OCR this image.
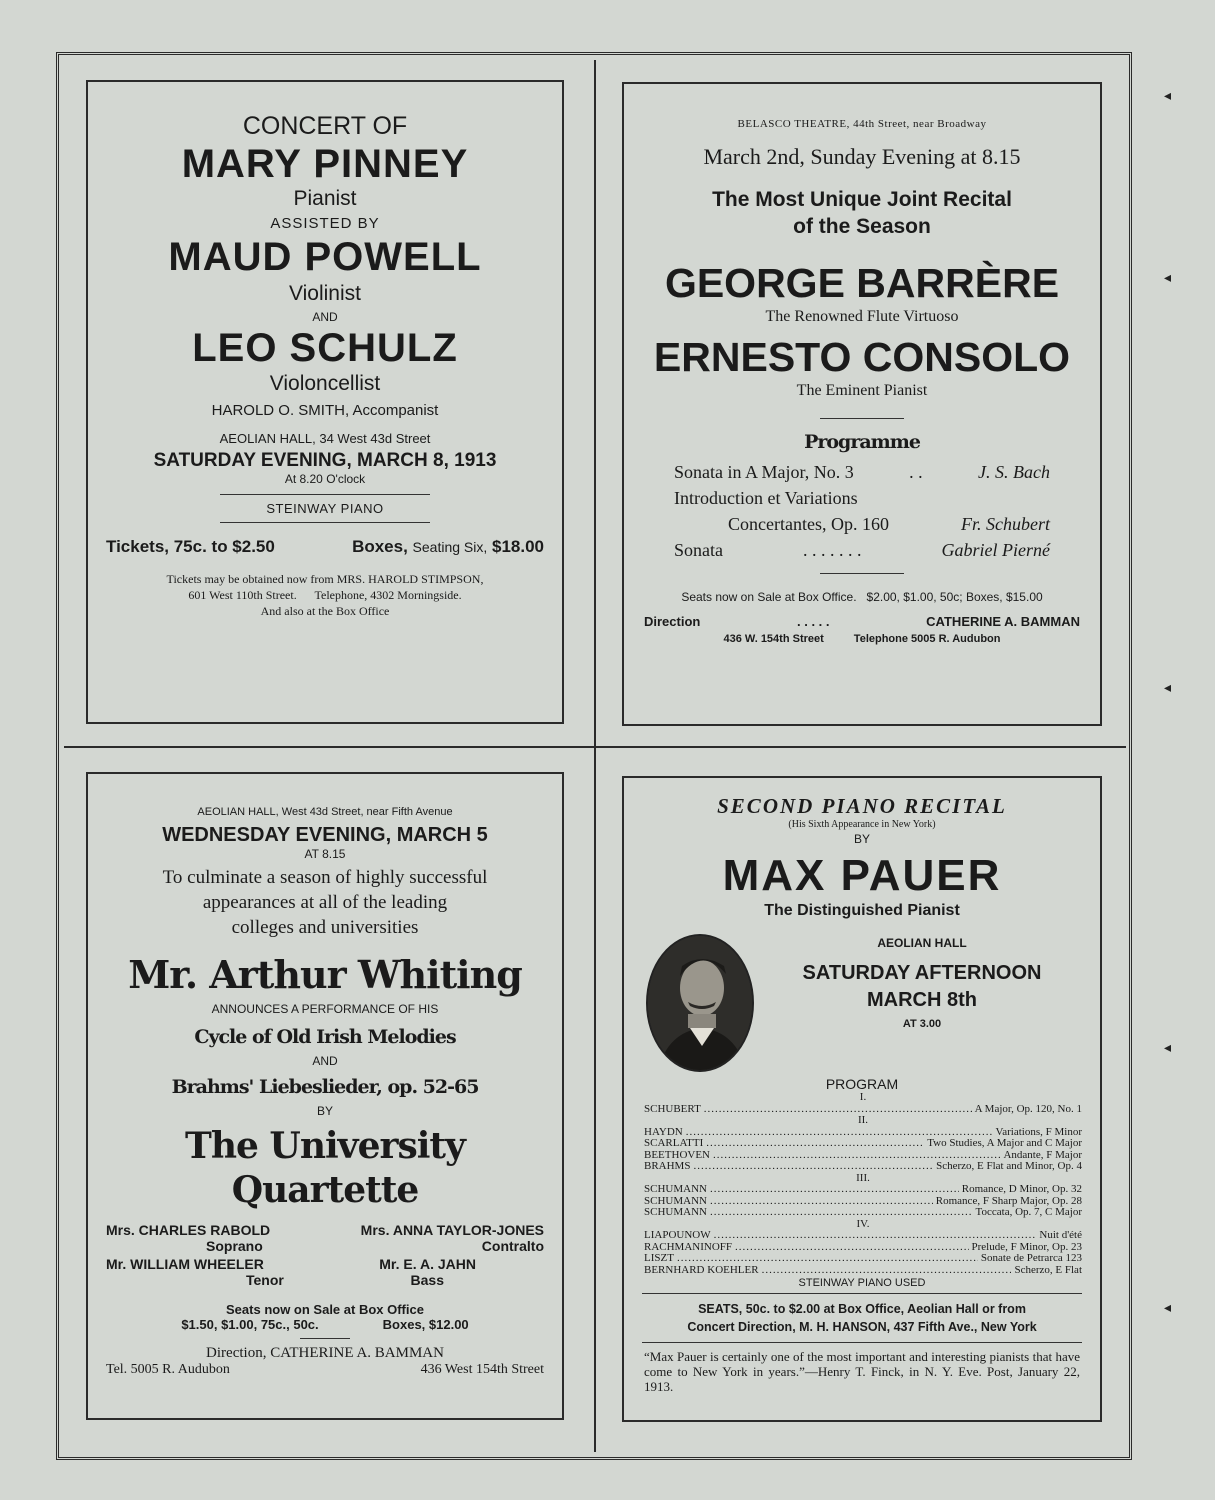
◂
◂
◂
◂
◂
CONCERT OF
MARY PINNEY
Pianist
ASSISTED BY
MAUD POWELL
Violinist
AND
LEO SCHULZ
Violoncellist
HAROLD O. SMITH, Accompanist
AEOLIAN HALL, 34 West 43d Street
SATURDAY EVENING, MARCH 8, 1913
At 8.20 O'clock
STEINWAY PIANO
Tickets, 75c. to $2.50	Boxes, Seating Six, $18.00
Tickets may be obtained now from MRS. HAROLD STIMPSON,
601 West 110th Street. Telephone, 4302 Morningside.
And also at the Box Office
BELASCO THEATRE, 44th Street, near Broadway
March 2nd, Sunday Evening at 8.15
The Most Unique Joint Recital
of the Season
GEORGE BARRÈRE
The Renowned Flute Virtuoso
ERNESTO CONSOLO
The Eminent Pianist
Programme
Sonata in A Major, No. 3	. .	J. S. Bach
Introduction et Variations
Concertantes, Op. 160	Fr. Schubert
Sonata	. . . . . . .	Gabriel Pierné
Seats now on Sale at Box Office.   $2.00, $1.00, 50c; Boxes, $15.00
Direction	. . . . .	CATHERINE A. BAMMAN
436 W. 154th Street	Telephone 5005 R. Audubon
AEOLIAN HALL, West 43d Street, near Fifth Avenue
WEDNESDAY EVENING, MARCH 5
AT 8.15
To culminate a season of highly successful
appearances at all of the leading
colleges and universities
Mr. Arthur Whiting
ANNOUNCES A PERFORMANCE OF HIS
Cycle of Old Irish Melodies
AND
Brahms' Liebeslieder, op. 52-65
BY
The University Quartette
Mrs. CHARLES RABOLD	Mrs. ANNA TAYLOR-JONES
Soprano	Contralto
Mr. WILLIAM WHEELER	Mr. E. A. JAHN
Tenor	Bass
Seats now on Sale at Box Office
$1.50, $1.00, 75c., 50c.	Boxes, $12.00
Direction, CATHERINE A. BAMMAN
Tel. 5005 R. Audubon	436 West 154th Street
SECOND PIANO RECITAL
(His Sixth Appearance in New York)
BY
MAX PAUER
The Distinguished Pianist
AEOLIAN HALL
SATURDAY AFTERNOON
MARCH 8th
AT 3.00
PROGRAM
I.
SCHUBERT .....	A Major, Op. 120, No. 1
II.
HAYDN .....	Variations, F Minor
SCARLATTI .....	Two Studies, A Major and C Major
BEETHOVEN .....	Andante, F Major
BRAHMS .....	Scherzo, E Flat and Minor, Op. 4
III.
SCHUMANN .....	Romance, D Minor, Op. 32
SCHUMANN .....	Romance, F Sharp Major, Op. 28
SCHUMANN .....	Toccata, Op. 7, C Major
IV.
LIAPOUNOW .....	Nuit d'été
RACHMANINOFF .....	Prelude, F Minor, Op. 23
LISZT .....	Sonate de Petrarca 123
BERNHARD KOEHLER .....	Scherzo, E Flat
STEINWAY PIANO USED
SEATS, 50c. to $2.00 at Box Office, Aeolian Hall or from
Concert Direction, M. H. HANSON, 437 Fifth Ave., New York
“Max Pauer is certainly one of the most important and interesting pianists that have come to New York in years.”—Henry T. Finck, in N. Y. Eve. Post, January 22, 1913.
